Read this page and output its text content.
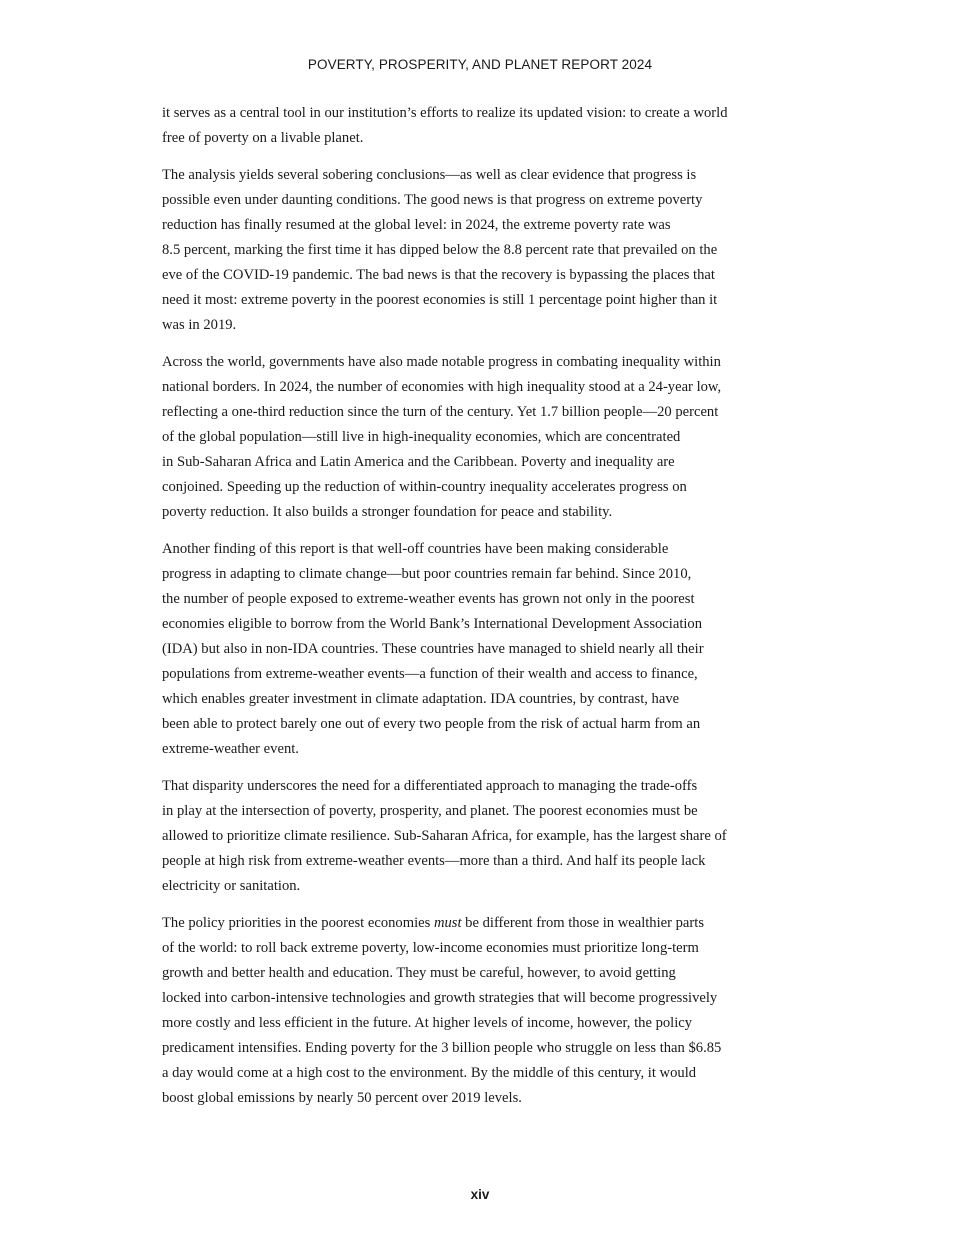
POVERTY, PROSPERITY, AND PLANET REPORT 2024

it serves as a central tool in our institution’s efforts to realize its updated vision: to create a world
free of poverty on a livable planet.

The analysis yields several sobering conclusions—as well as clear evidence that progress is
possible even under daunting conditions. The good news is that progress on extreme poverty
reduction has finally resumed at the global level: in 2024, the extreme poverty rate was
8.5 percent, marking the first time it has dipped below the 8.8 percent rate that prevailed on the
eve of the COVID-19 pandemic. The bad news is that the recovery is bypassing the places that
need it most: extreme poverty in the poorest economies is still 1 percentage point higher than it
was in 2019.

Across the world, governments have also made notable progress in combating inequality within
national borders. In 2024, the number of economies with high inequality stood at a 24-year low,
reflecting a one-third reduction since the turn of the century. Yet 1.7 billion people—20 percent
of the global population—still live in high-inequality economies, which are concentrated
in Sub-Saharan Africa and Latin America and the Caribbean. Poverty and inequality are
conjoined. Speeding up the reduction of within-country inequality accelerates progress on
poverty reduction. It also builds a stronger foundation for peace and stability.

Another finding of this report is that well-off countries have been making considerable
progress in adapting to climate change—but poor countries remain far behind. Since 2010,
the number of people exposed to extreme-weather events has grown not only in the poorest
economies eligible to borrow from the World Bank’s International Development Association
(IDA) but also in non-IDA countries. These countries have managed to shield nearly all their
populations from extreme-weather events—a function of their wealth and access to finance,
which enables greater investment in climate adaptation. IDA countries, by contrast, have
been able to protect barely one out of every two people from the risk of actual harm from an
extreme-weather event.

That disparity underscores the need for a differentiated approach to managing the trade-offs
in play at the intersection of poverty, prosperity, and planet. The poorest economies must be
allowed to prioritize climate resilience. Sub-Saharan Africa, for example, has the largest share of
people at high risk from extreme-weather events—more than a third. And half its people lack
electricity or sanitation.

The policy priorities in the poorest economies must be different from those in wealthier parts
of the world: to roll back extreme poverty, low-income economies must prioritize long-term
growth and better health and education. They must be careful, however, to avoid getting
locked into carbon-intensive technologies and growth strategies that will become progressively
more costly and less efficient in the future. At higher levels of income, however, the policy
predicament intensifies. Ending poverty for the 3 billion people who struggle on less than $6.85
a day would come at a high cost to the environment. By the middle of this century, it would
boost global emissions by nearly 50 percent over 2019 levels.

xiv
